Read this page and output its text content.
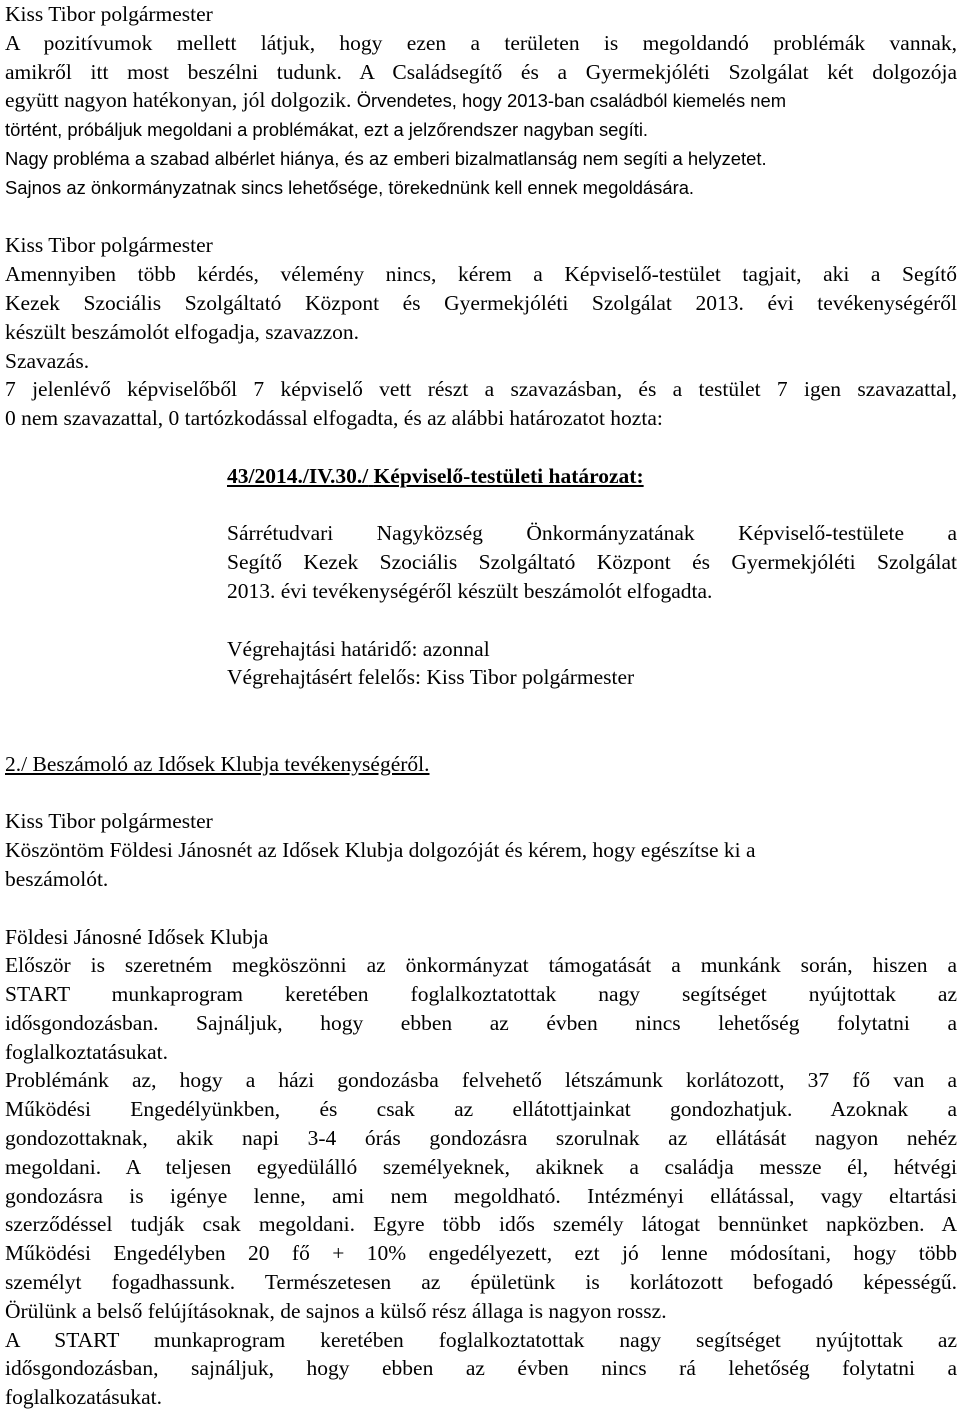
Kiss Tibor polgármester

A pozitívumok mellett látjuk, hogy ezen a területen is megoldandó problémák vannak,

amikről itt most beszélni tudunk. A Családsegítő és a Gyermekjóléti Szolgálat két dolgozója

együtt nagyon hatékonyan, jól dolgozik. Örvendetes, hogy 2013-ban családból kiemelés nem

történt, próbáljuk megoldani a problémákat, ezt a jelzőrendszer nagyban segíti.

Nagy probléma a szabad albérlet hiánya, és az emberi bizalmatlanság nem segíti a helyzetet.

Sajnos az önkormányzatnak sincs lehetősége, törekednünk kell ennek megoldására.

Kiss Tibor polgármester

Amennyiben több kérdés, vélemény nincs, kérem a Képviselő-testület tagjait, aki a Segítő

Kezek Szociális Szolgáltató Központ és Gyermekjóléti Szolgálat 2013. évi tevékenységéről

készült beszámolót elfogadja, szavazzon.

Szavazás.

7 jelenlévő képviselőből 7 képviselő vett részt a szavazásban, és a testület 7 igen szavazattal,

0 nem szavazattal, 0 tartózkodással elfogadta, és az alábbi határozatot hozta:

43/2014./IV.30./ Képviselő-testületi határozat:

Sárrétudvari Nagyközség Önkormányzatának Képviselő-testülete a

Segítő Kezek Szociális Szolgáltató Központ és Gyermekjóléti Szolgálat

2013. évi tevékenységéről készült beszámolót elfogadta.

Végrehajtási határidő: azonnal

Végrehajtásért felelős: Kiss Tibor polgármester

2./ Beszámoló az Idősek Klubja tevékenységéről.

Kiss Tibor polgármester

Köszöntöm Földesi Jánosnét az Idősek Klubja dolgozóját és kérem, hogy egészítse ki a

beszámolót.

Földesi Jánosné Idősek Klubja

Először is szeretném megköszönni az önkormányzat támogatását a munkánk során, hiszen a

START munkaprogram keretében foglalkoztatottak nagy segítséget nyújtottak az

idősgondozásban. Sajnáljuk, hogy ebben az évben nincs lehetőség folytatni a

foglalkoztatásukat.

Problémánk az, hogy a házi gondozásba felvehető létszámunk korlátozott, 37 fő van a

Működési Engedélyünkben, és csak az ellátottjainkat gondozhatjuk. Azoknak a

gondozottaknak, akik napi 3-4 órás gondozásra szorulnak az ellátását nagyon nehéz

megoldani. A teljesen egyedülálló személyeknek, akiknek a családja messze él, hétvégi

gondozásra is igénye lenne, ami nem megoldható. Intézményi ellátással, vagy eltartási

szerződéssel tudják csak megoldani. Egyre több idős személy látogat bennünket napközben. A

Működési Engedélyben 20 fő + 10% engedélyezett, ezt jó lenne módosítani, hogy több

személyt fogadhassunk. Természetesen az épületünk is korlátozott befogadó képességű.

Örülünk a belső felújításoknak, de sajnos a külső rész állaga is nagyon rossz.

A START munkaprogram keretében foglalkoztatottak nagy segítséget nyújtottak az

idősgondozásban, sajnáljuk, hogy ebben az évben nincs rá lehetőség folytatni a

foglalkozatásukat.
